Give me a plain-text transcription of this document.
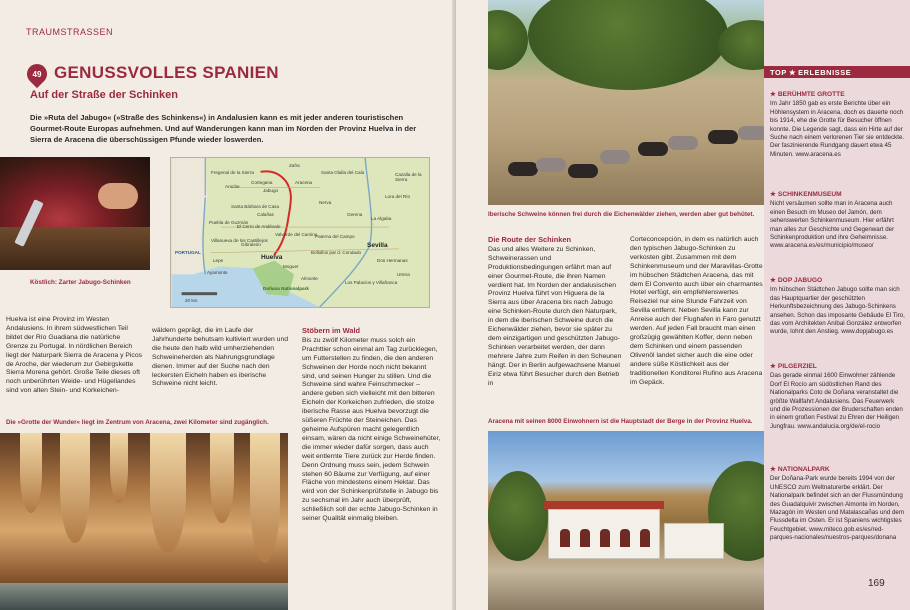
TRAUMSTRASSEN
49 GENUSSVOLLES SPANIEN
Auf der Straße der Schinken
Die »Ruta del Jabugo« (»Straße des Schinkens«) in Andalusien kann es mit jeder anderen touristischen Gourmet-Route Europas aufnehmen. Und auf Wanderungen kann man im Norden der Provinz Huelva in der Sierra de Aracena die überschüssigen Pfunde wieder loswerden.
Köstlich: Zarter Jabugo-Schinken
Fregenal de la Sierra
Zafra
Cortegana
Aroche
Jabugo
Aracena
Santa Bárbara de Casa
Calañas
Valverde del Camino
Nerva
Lora del Río
La Algaba
Gerena
Paterna del Campo
Los Palacios y Villafranca
Dos Hermanas
Utrera
Moguer
Almonte
Lepe
Gibraleón
Puebla de Guzmán
Ayamonte
Cazalla de la Sierra
Santa Olalla del Cala
Bollullos par d. Condado
Villanueva de los Castillejos
El Cerro de Andévalo
Huelva
Sevilla
Doñana Nationalpark
PORTUGAL
20 km
Huelva ist eine Provinz im Westen Andalusiens. In ihrem südwestlichen Teil bildet der Río Guadiana die natürliche Grenze zu Portugal. In nördlichen Bereich liegt der Naturpark Sierra de Aracena y Picos de Aroche, der wiederum zur Gebirgskette Sierra Morena gehört. Große Teile dieses oft noch unberührten Weide- und Hügellandes sind von alten Stein- und Korkeichen-
wäldern geprägt, die im Laufe der Jahrhunderte behutsam kultiviert wurden und die heute den halb wild umherziehenden Schweineherden als Nahrungsgrundlage dienen. Immer auf der Suche nach den leckersten Eicheln haben es iberische Schweine nicht leicht.
Stöbern im Wald
Bis zu zwölf Kilometer muss solch ein Prachttier schon einmal am Tag zurücklegen, um Futterstellen zu finden, die den anderen Schweinen der Horde noch nicht bekannt sind, und seinen Hunger zu stillen. Und die Schweine sind wahre Feinschmecker – andere geben sich vielleicht mit den bitteren Eicheln der Korkeichen zufrieden, die stolze iberische Rasse aus Huelva bevorzugt die süßeren Früchte der Steineichen. Das geheime Aufspüren macht gelegentlich einsam, wären da nicht einige Schweinehüter, die immer wieder dafür sorgen, dass auch weit entlernte Tiere zurück zur Herde finden. Denn Ordnung muss sein, jedem Schwein stehen 60 Bäume zur Verfügung, auf einer Fläche von mindestens einem Hektar. Das wird von der Schinkenprüfstelle in Jabugo bis zu sechsmal im Jahr auch überprüft, schließlich soll der echte Jabugo-Schinken in seiner Qualität einmalig bleiben.
Die »Grotte der Wunder« liegt im Zentrum von Aracena, zwei Kilometer sind zugänglich.
Iberische Schweine können frei durch die Eichenwälder ziehen, werden aber gut behütet.
Die Route der Schinken
Das und alles Weitere zu Schinken, Schweinerassen und Produktionsbedingungen erfährt man auf einer Gourmet-Route, die ihren Namen verdient hat. Im Norden der andalusischen Provinz Huelva führt von Higuera de la Sierra aus über Aracena bis nach Jabugo eine Schinken-Route durch den Naturpark, in dem die iberischen Schweine durch die Eichenwälder ziehen, bevor sie später zu dem einzigartigen und geschützten Jabugo-Schinken verarbeitet werden, der dann mehrere Jahre zum Reifen in den Scheunen hängt. Der in Berlin aufgewachsene Manuel Eiriz etwa führt Besucher durch den Betrieb in
Corteconcepción, in dem es natürlich auch den typischen Jabugo-Schinken zu verkosten gibt. Zusammen mit dem Schinkenmuseum und der Maravillas-Grotte im hübschen Städtchen Aracena, das mit dem El Convento auch über ein charmantes Hotel verfügt, ein empfehlenswertes Reiseziel nur eine Stunde Fahrzeit von Sevilla entfernt. Neben Sevilla kann zur Anreise auch der Flughafen in Faro genutzt werden. Auf jeden Fall braucht man einen großzügig gewählten Koffer, denn neben dem Schinken und einem passenden Olivenöl landet sicher auch die eine oder andere süße Köstlichkeit aus der traditionellen Konditorei Rufino aus Aracena im Gepäck.
Aracena mit seinen 8000 Einwohnern ist die Hauptstadt der Berge in der Provinz Huelva.
TOP ★ ERLEBNISSE
★ BERÜHMTE GROTTE
Im Jahr 1850 gab es erste Berichte über ein Höhlensystem in Aracena, doch es dauerte noch bis 1914, ehe die Grotte für Besucher öffnen konnte. Die Legende sagt, dass ein Hirte auf der Suche nach einem verlorenen Tier sie entdeckte. Der faszinierende Rundgang dauert etwa 45 Minuten. www.aracena.es
★ SCHINKENMUSEUM
Nicht versäumen sollte man in Aracena auch einen Besuch im Museo del Jamón, dem sehenswerten Schinkenmuseum. Hier erfährt man alles zur Geschichte und Gegenwart der Schinkenproduktion und ihre Geheimnisse. www.aracena.es/es/municipio/museo/
★ DOP JABUGO
Im hübschen Städtchen Jabugo sollte man sich das Hauptquartier der geschützten Herkunftsbezeichnung des Jabugo-Schinkens ansehen. Schon das imposante Gebäude El Tiro, das vom Architekten Aníbal González entworfen wurde, lohnt den Anstieg. www.dopjabugo.es
★ PILGERZIEL
Das gerade einmal 1600 Einwohner zählende Dorf El Rocío am südöstlichen Rand des Nationalparks Coto de Doñana veranstaltet die größte Wallfahrt Andalusiens. Das Feuerwerk und die Prozessionen der Bruderschaften enden in einem großen Festival zu Ehren der Heiligen Jungfrau. www.andalucia.org/de/el-rocio
★ NATIONALPARK
Der Doñana-Park wurde bereits 1994 von der UNESCO zum Weltnaturerbe erklärt. Der Nationalpark befindet sich an der Flussmündung des Guadalquivir zwischen Almonte im Norden, Mazagón im Westen und Matalascañas und dem Flussdelta im Osten. Er ist Spaniens wichtigstes Feuchtgebiet. www.miteco.gob.es/es/red-parques-nacionales/nuestros-parques/donana
169
